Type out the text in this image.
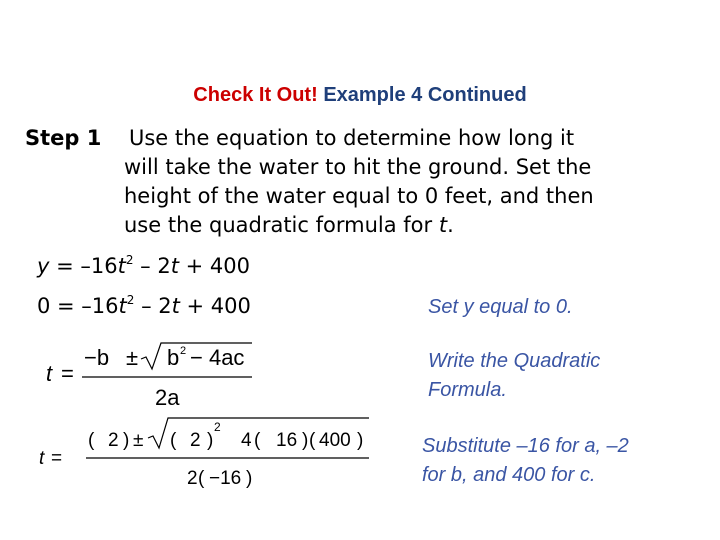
Check It Out! Example 4 Continued
Step 1 Use the equation to determine how long it
will take the water to hit the ground. Set the
height of the water equal to 0 feet, and then
use the quadratic formula for t.
$y = -16t^2 - 2t + 400$
$0 = -16t^2 - 2t + 400$	Set y equal to 0.
Write the Quadratic
Formula.
Substitute –16 for a, –2
for b, and 400 for c.
t =
−b ± b 2 − 4ac
2a
t =
( 2 ) ± ( 2 )
2
4 ( 16 ) ( 400 )
2 ( −16 )
